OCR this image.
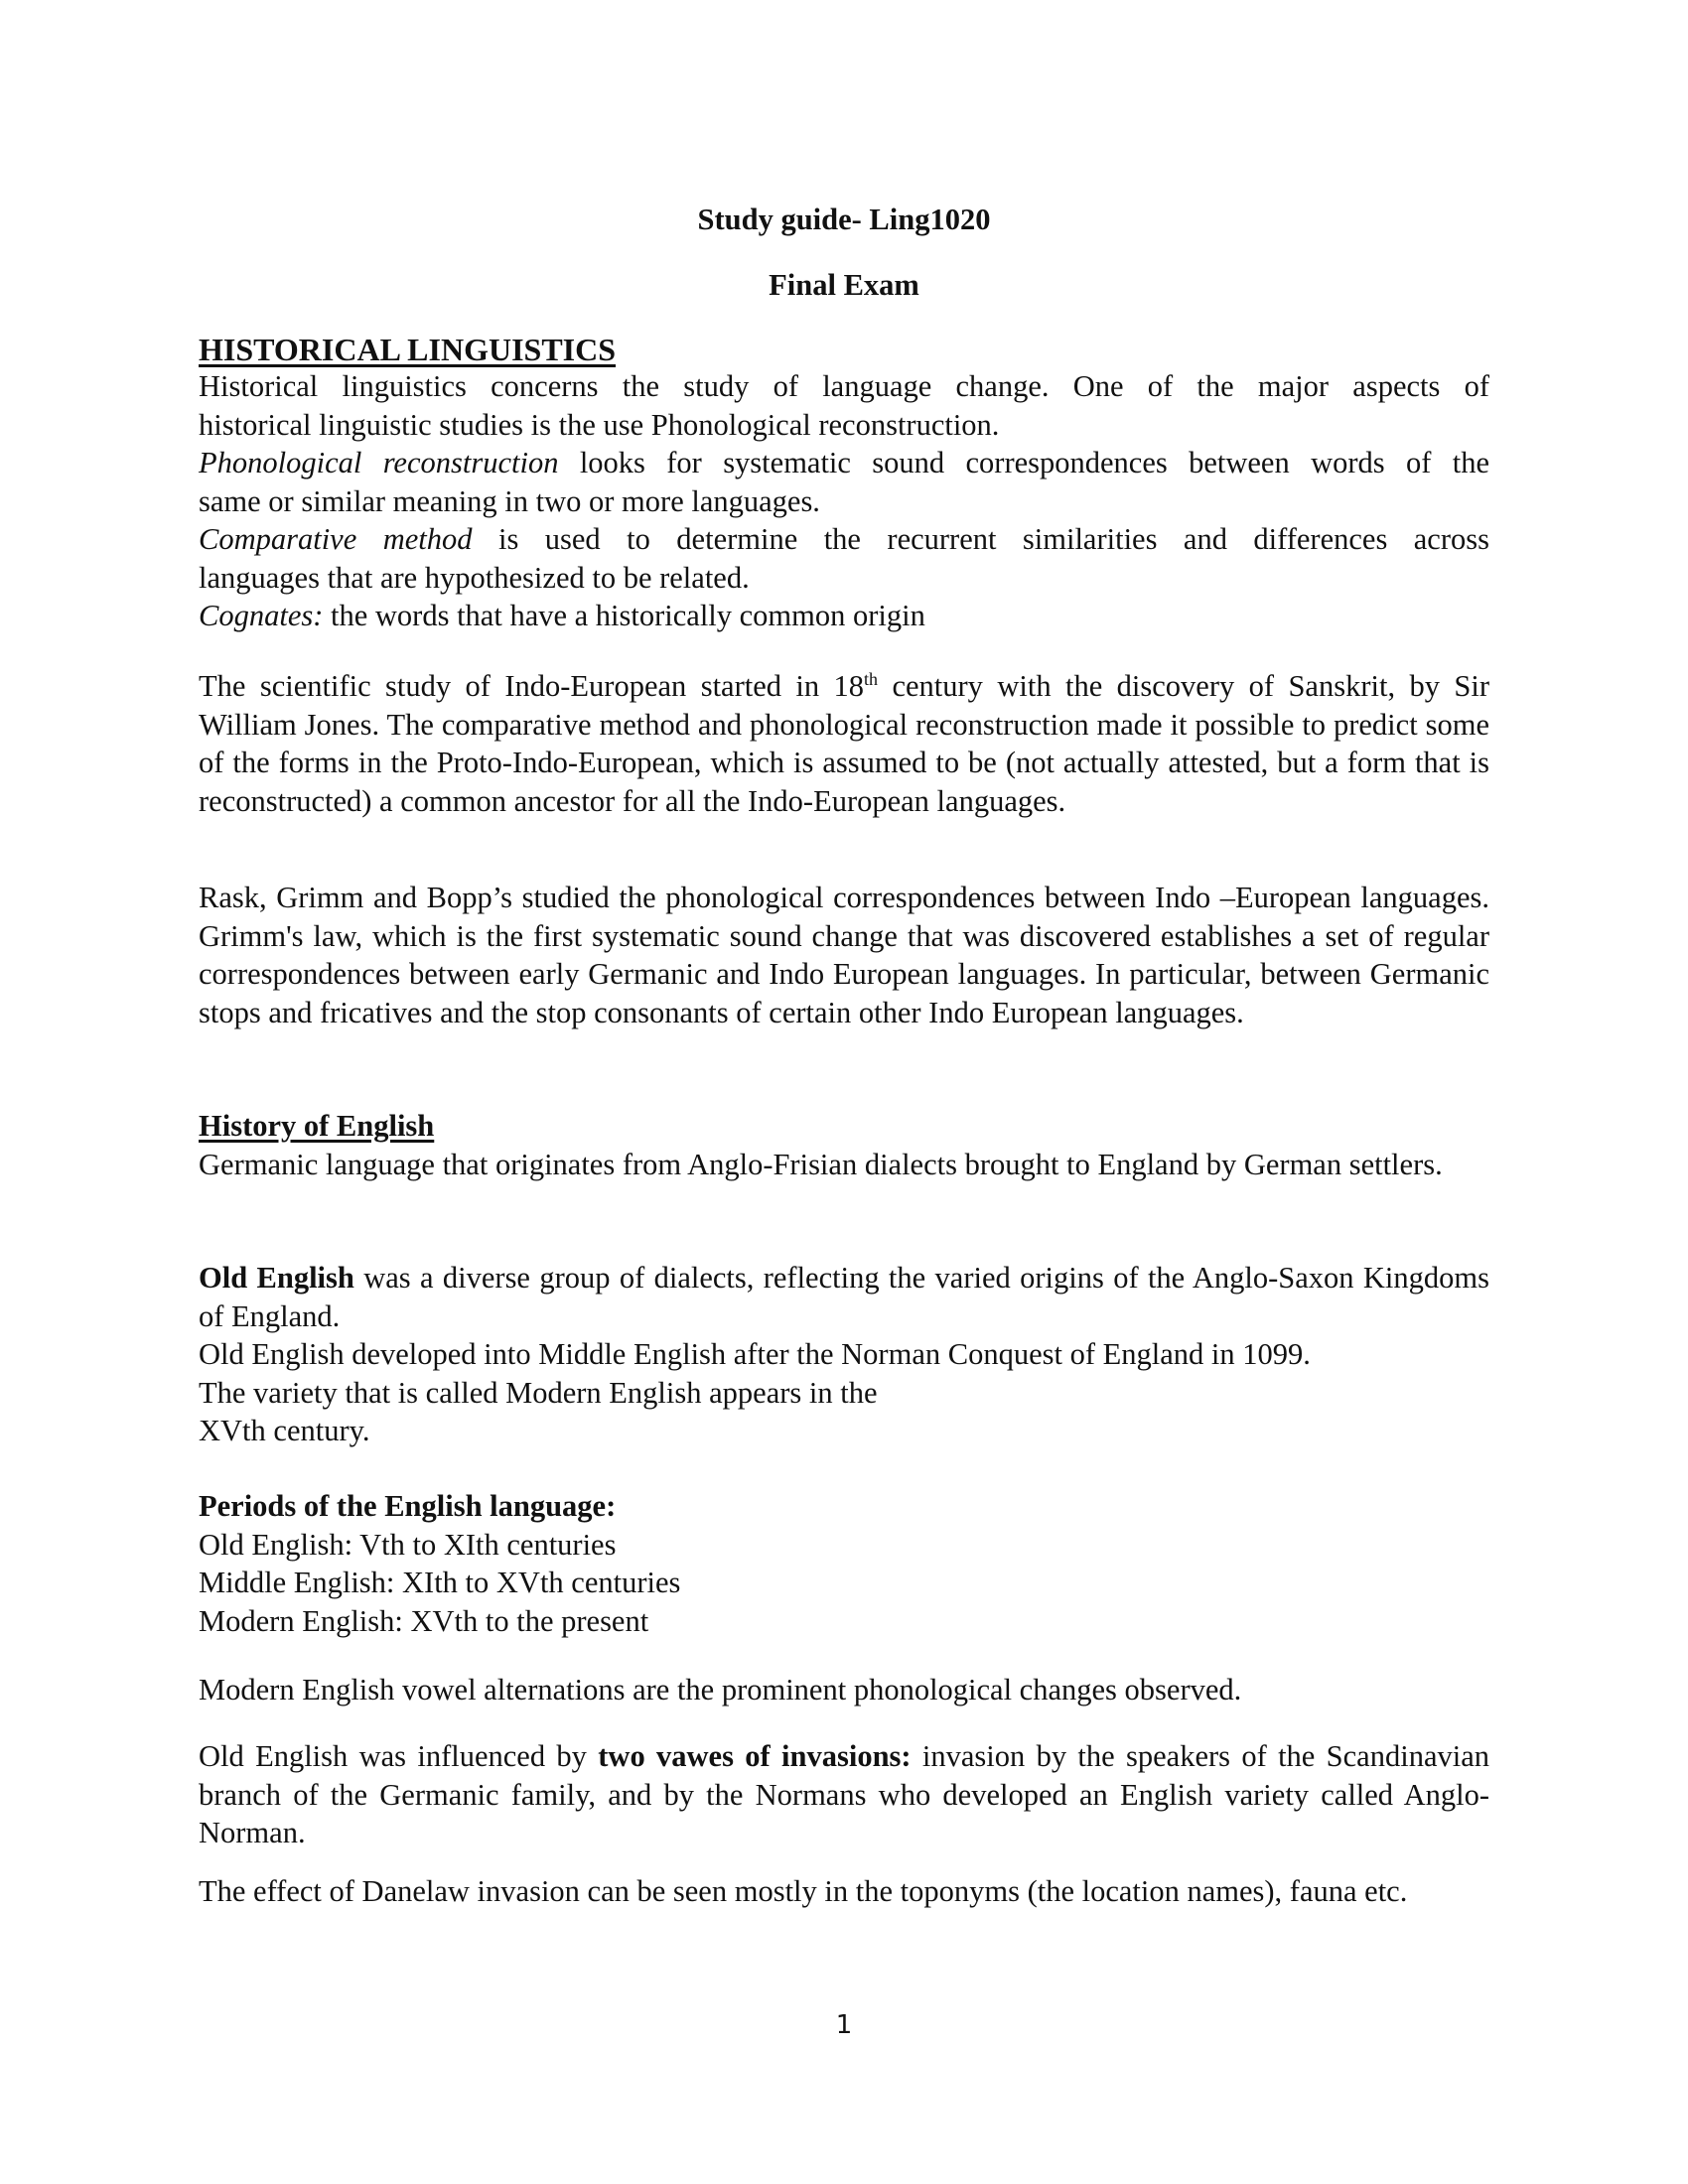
Study guide- Ling1020
Final Exam
HISTORICAL LINGUISTICS

Historical linguistics concerns the study of language change. One of the major aspects of

historical linguistic studies is the use Phonological reconstruction.

Phonological reconstruction looks for systematic sound correspondences between words of the

same or similar meaning in two or more languages.

Comparative method is used to determine the recurrent similarities and differences across

languages that are hypothesized to be related.

Cognates: the words that have a historically common origin

The scientific study of Indo-European started in 18th century with the discovery of Sanskrit, by Sir William Jones. The comparative method and phonological reconstruction made it possible to predict some of the forms in the Proto-Indo-European, which is assumed to be (not actually attested, but a form that is reconstructed) a common ancestor for all the Indo-European languages.

Rask, Grimm and Bopp’s studied the phonological correspondences between Indo –European languages. Grimm's law, which is the first systematic sound change that was discovered establishes a set of regular correspondences between early Germanic and Indo European languages. In particular, between Germanic stops and fricatives and the stop consonants of certain other Indo European languages.

History of English

Germanic language that originates from Anglo-Frisian dialects brought to England by German settlers.

Old English was a diverse group of dialects, reflecting the varied origins of the Anglo-Saxon Kingdoms of England.

Old English developed into Middle English after the Norman Conquest of England in 1099.

The variety that is called Modern English appears in the

XVth century.

Periods of the English language:

Old English: Vth to XIth centuries

Middle English: XIth to XVth centuries

Modern English: XVth to the present

Modern English vowel alternations are the prominent phonological changes observed.

Old English was influenced by two vawes of invasions: invasion by the speakers of the Scandinavian branch of the Germanic family, and by the Normans who developed an English variety called Anglo-Norman.

The effect of Danelaw invasion can be seen mostly in the toponyms (the location names), fauna etc.

1
